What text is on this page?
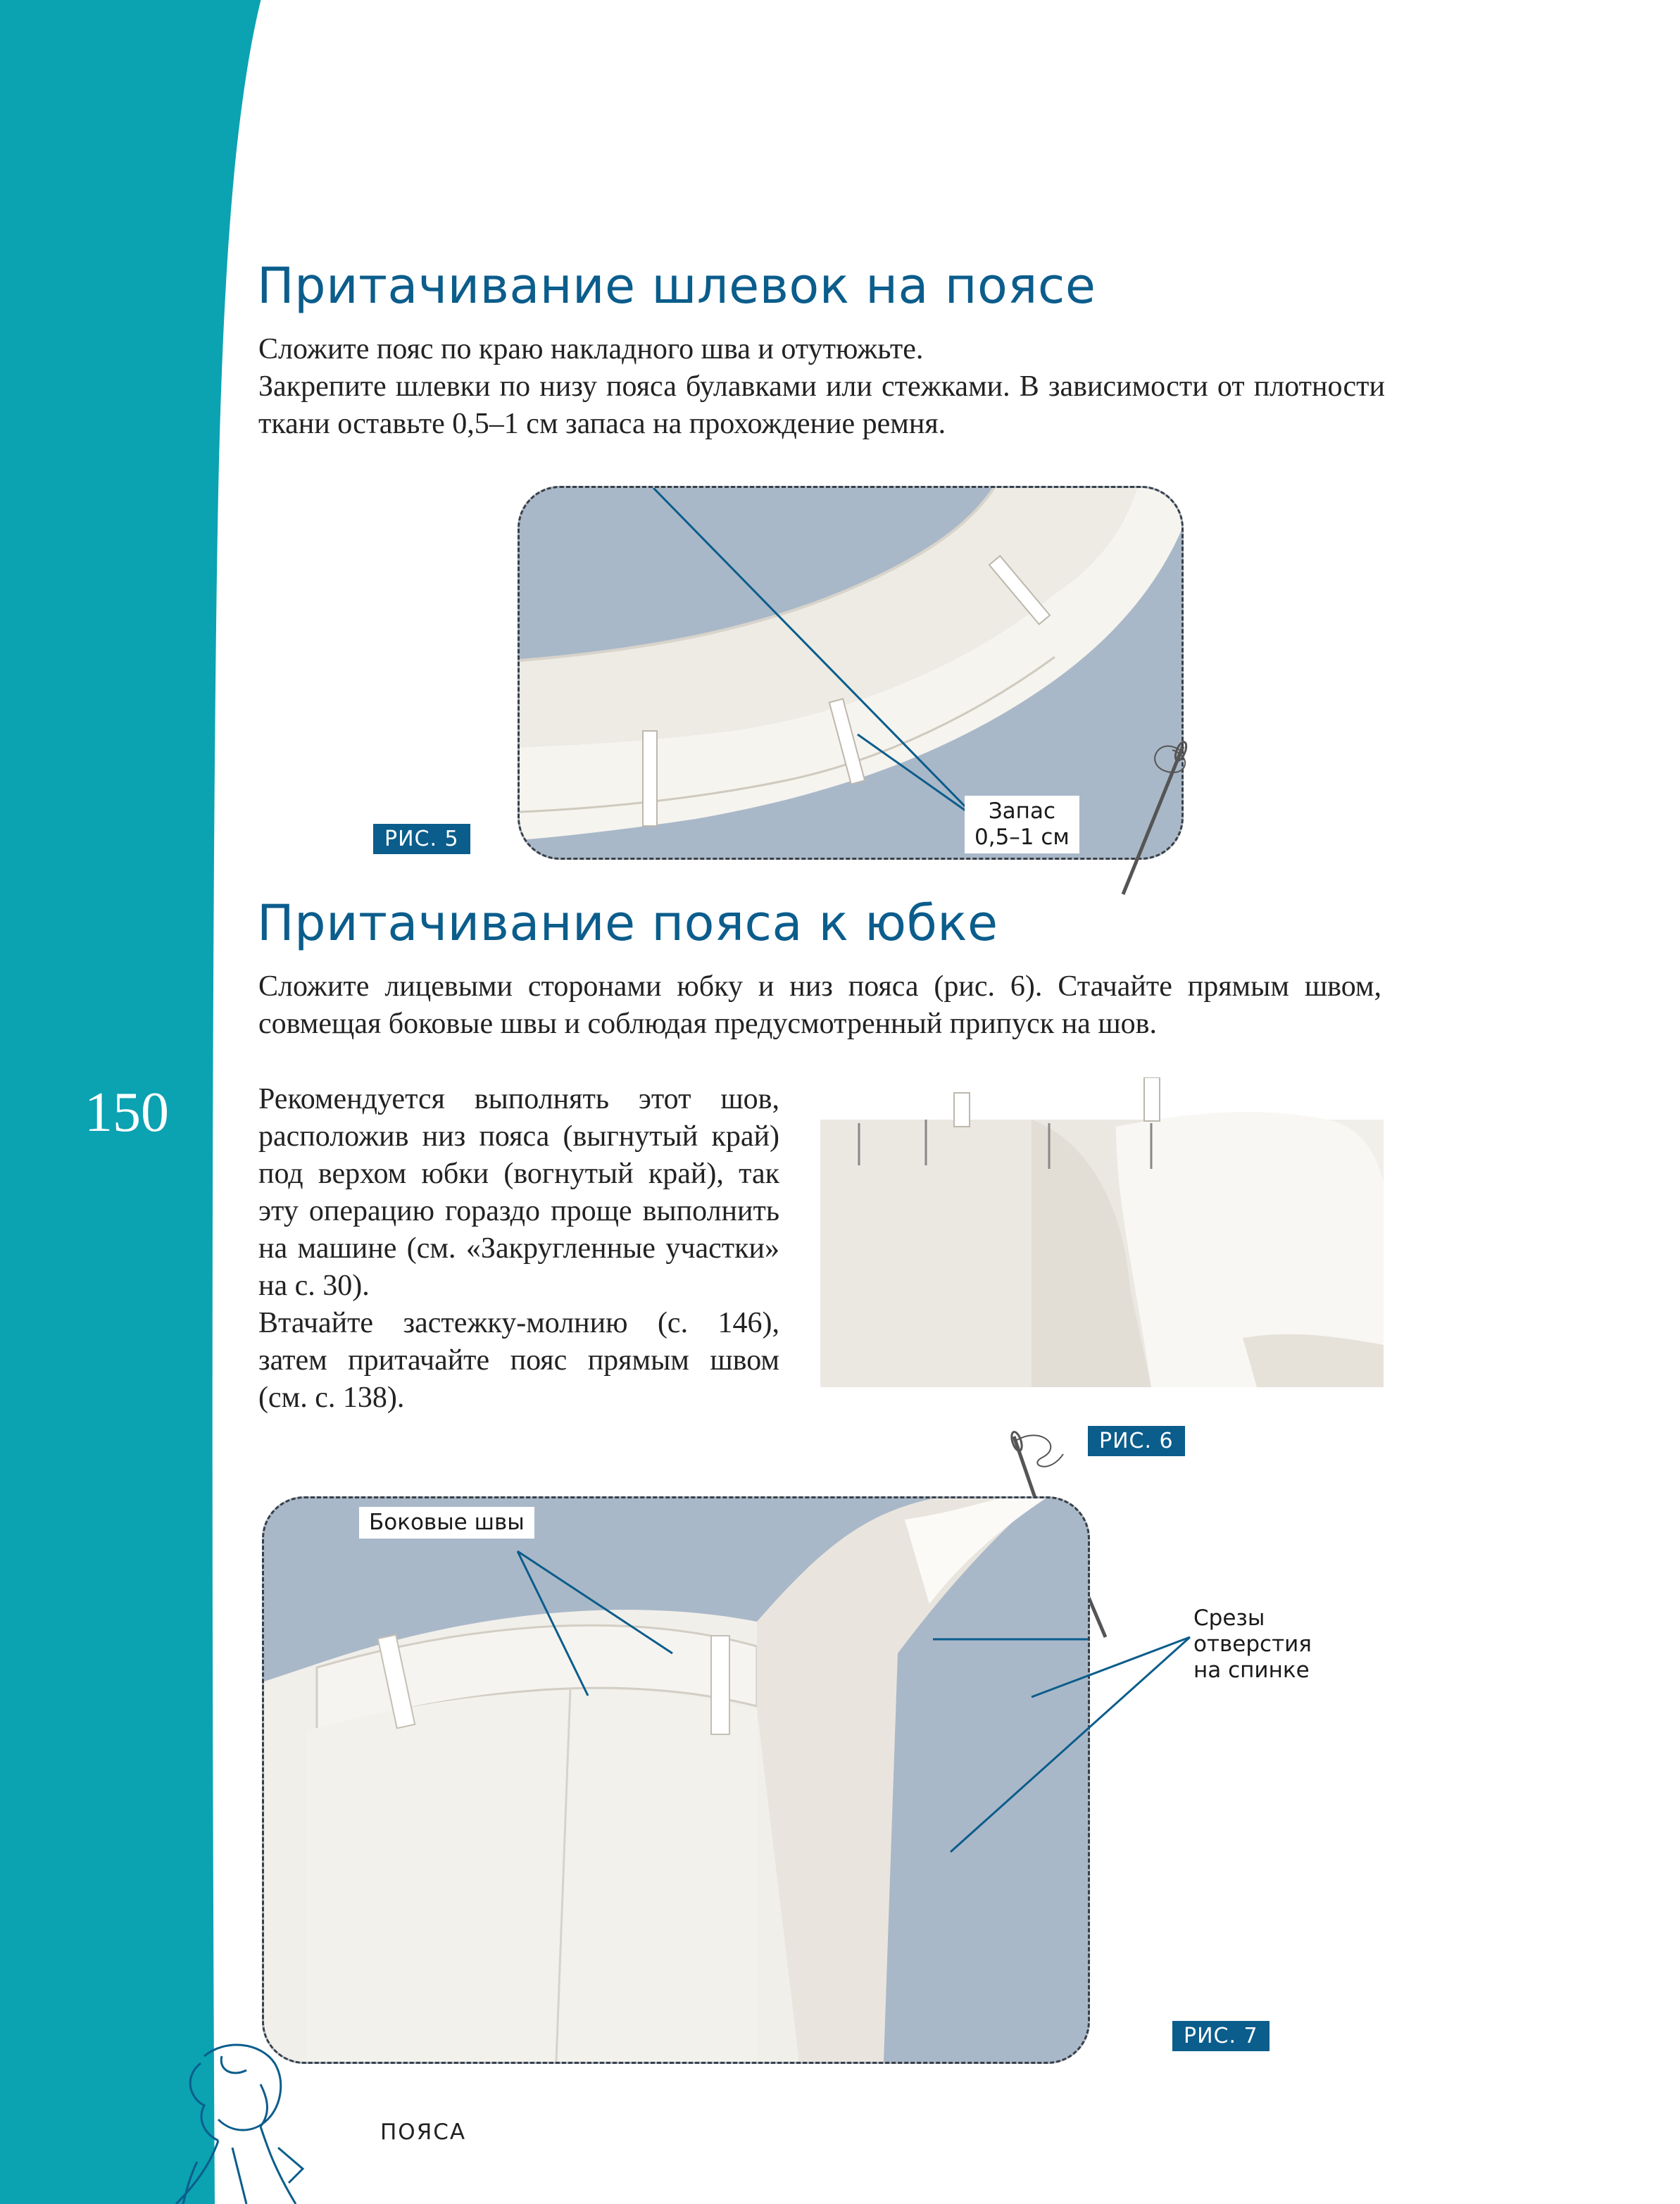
150
Притачивание шлевок на поясе

Сложите пояс по краю накладного шва и отутюжьте.

Закрепите шлевки по низу пояса булавками или стежками. В зависимости от плотности ткани оставьте 0,5–1 см запаса на прохождение ремня.

Запас
0,5–1 см
РИС. 5
Притачивание пояса к юбке
Сложите лицевыми сторонами юбку и низ пояса (рис. 6). Стачайте прямым швом, совмещая боковые швы и соблюдая предусмотренный припуск на шов.

Рекомендуется выполнять этот шов, расположив низ пояса (выгнутый край) под верхом юбки (вогнутый край), так эту операцию гораздо проще выполнить на машине (см. «Закругленные участки» на с. 30).

Втачайте застежку-молнию (с. 146), затем притачайте пояс прямым швом (см. с. 138).

РИС. 6
Боковые швы
Срезы
отверстия
на спинке
РИС. 7
ПОЯСА
